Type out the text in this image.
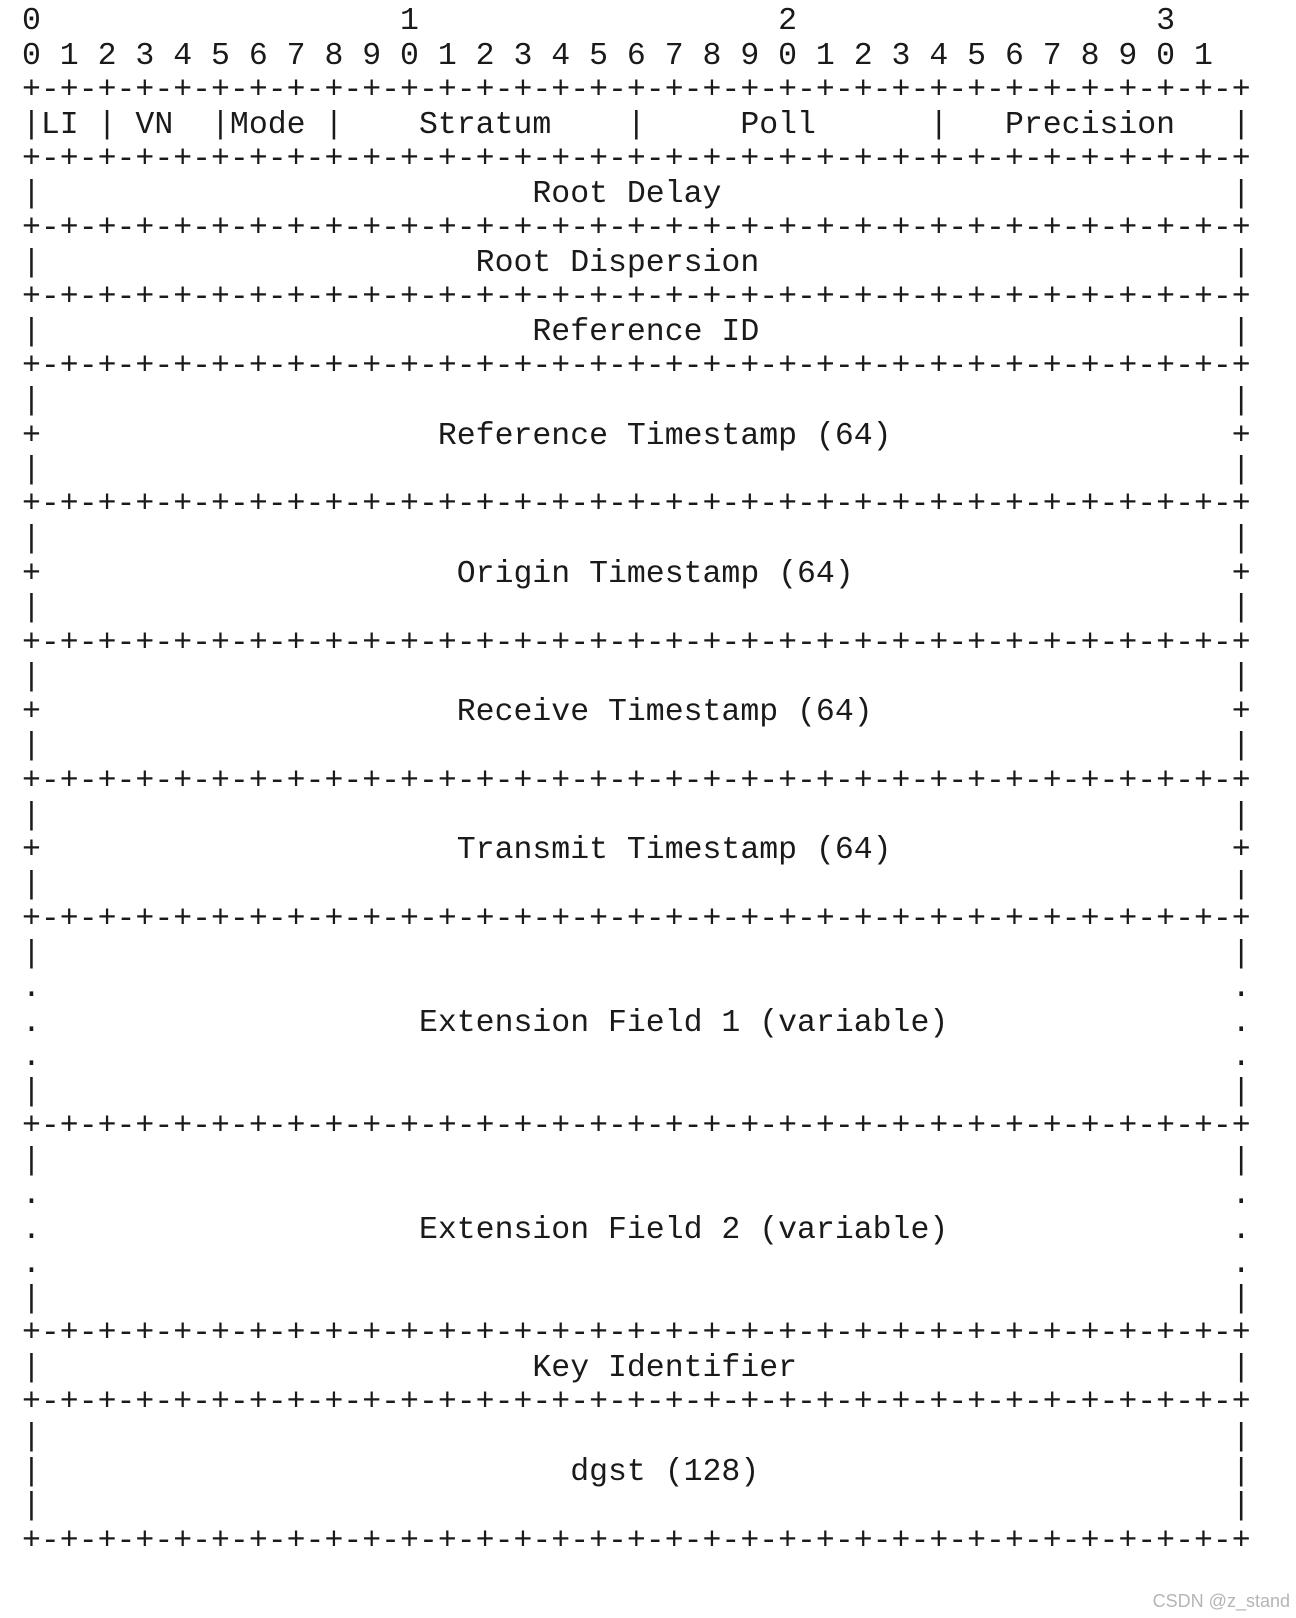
0                   1                   2                   3
0 1 2 3 4 5 6 7 8 9 0 1 2 3 4 5 6 7 8 9 0 1 2 3 4 5 6 7 8 9 0 1
+-+-+-+-+-+-+-+-+-+-+-+-+-+-+-+-+-+-+-+-+-+-+-+-+-+-+-+-+-+-+-+-+
|LI | VN  |Mode |    Stratum    |     Poll      |   Precision   |
+-+-+-+-+-+-+-+-+-+-+-+-+-+-+-+-+-+-+-+-+-+-+-+-+-+-+-+-+-+-+-+-+
|                          Root Delay                           |
+-+-+-+-+-+-+-+-+-+-+-+-+-+-+-+-+-+-+-+-+-+-+-+-+-+-+-+-+-+-+-+-+
|                       Root Dispersion                         |
+-+-+-+-+-+-+-+-+-+-+-+-+-+-+-+-+-+-+-+-+-+-+-+-+-+-+-+-+-+-+-+-+
|                          Reference ID                         |
+-+-+-+-+-+-+-+-+-+-+-+-+-+-+-+-+-+-+-+-+-+-+-+-+-+-+-+-+-+-+-+-+
|                                                               |
+                     Reference Timestamp (64)                  +
|                                                               |
+-+-+-+-+-+-+-+-+-+-+-+-+-+-+-+-+-+-+-+-+-+-+-+-+-+-+-+-+-+-+-+-+
|                                                               |
+                      Origin Timestamp (64)                    +
|                                                               |
+-+-+-+-+-+-+-+-+-+-+-+-+-+-+-+-+-+-+-+-+-+-+-+-+-+-+-+-+-+-+-+-+
|                                                               |
+                      Receive Timestamp (64)                   +
|                                                               |
+-+-+-+-+-+-+-+-+-+-+-+-+-+-+-+-+-+-+-+-+-+-+-+-+-+-+-+-+-+-+-+-+
|                                                               |
+                      Transmit Timestamp (64)                  +
|                                                               |
+-+-+-+-+-+-+-+-+-+-+-+-+-+-+-+-+-+-+-+-+-+-+-+-+-+-+-+-+-+-+-+-+
|                                                               |
.                                                               .
.                    Extension Field 1 (variable)               .
.                                                               .
|                                                               |
+-+-+-+-+-+-+-+-+-+-+-+-+-+-+-+-+-+-+-+-+-+-+-+-+-+-+-+-+-+-+-+-+
|                                                               |
.                                                               .
.                    Extension Field 2 (variable)               .
.                                                               .
|                                                               |
+-+-+-+-+-+-+-+-+-+-+-+-+-+-+-+-+-+-+-+-+-+-+-+-+-+-+-+-+-+-+-+-+
|                          Key Identifier                       |
+-+-+-+-+-+-+-+-+-+-+-+-+-+-+-+-+-+-+-+-+-+-+-+-+-+-+-+-+-+-+-+-+
|                                                               |
|                            dgst (128)                         |
|                                                               |
+-+-+-+-+-+-+-+-+-+-+-+-+-+-+-+-+-+-+-+-+-+-+-+-+-+-+-+-+-+-+-+-+
CSDN @z_stand
